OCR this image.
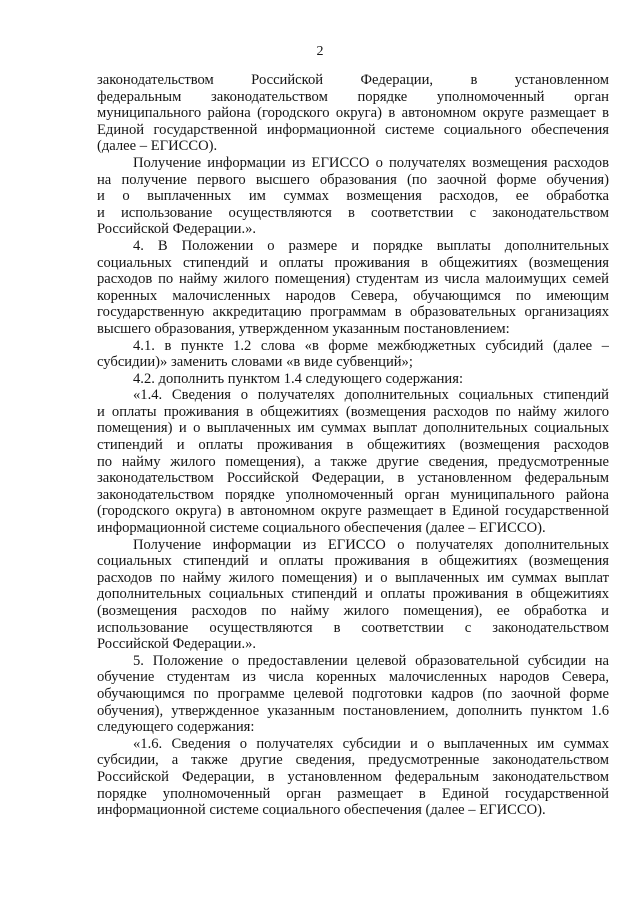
2
законодательством Российской Федерации, в установленном
федеральным законодательством порядке уполномоченный орган
муниципального района (городского округа) в автономном округе размещает в
Единой государственной информационной системе социального обеспечения
(далее – ЕГИССО).
Получение информации из ЕГИССО о получателях возмещения расходов
на получение первого высшего образования (по заочной форме обучения)
и о выплаченных им суммах возмещения расходов, ее обработка
и использование осуществляются в соответствии с законодательством
Российской Федерации.».
4. В Положении о размере и порядке выплаты дополнительных
социальных стипендий и оплаты проживания в общежитиях (возмещения
расходов по найму жилого помещения) студентам из числа малоимущих семей
коренных малочисленных народов Севера, обучающимся по имеющим
государственную аккредитацию программам в образовательных организациях
высшего образования, утвержденном указанным постановлением:
4.1. в пункте 1.2 слова «в форме межбюджетных субсидий (далее –
субсидии)» заменить словами «в виде субвенций»;
4.2. дополнить пунктом 1.4 следующего содержания:
«1.4. Сведения о получателях дополнительных социальных стипендий
и оплаты проживания в общежитиях (возмещения расходов по найму жилого
помещения) и о выплаченных им суммах выплат дополнительных социальных
стипендий и оплаты проживания в общежитиях (возмещения расходов
по найму жилого помещения), а также другие сведения, предусмотренные
законодательством Российской Федерации, в установленном федеральным
законодательством порядке уполномоченный орган муниципального района
(городского округа) в автономном округе размещает в Единой государственной
информационной системе социального обеспечения (далее – ЕГИССО).
Получение информации из ЕГИССО о получателях дополнительных
социальных стипендий и оплаты проживания в общежитиях (возмещения
расходов по найму жилого помещения) и о выплаченных им суммах выплат
дополнительных социальных стипендий и оплаты проживания в общежитиях
(возмещения расходов по найму жилого помещения), ее обработка и
использование осуществляются в соответствии с законодательством
Российской Федерации.».
5. Положение о предоставлении целевой образовательной субсидии на
обучение студентам из числа коренных малочисленных народов Севера,
обучающимся по программе целевой подготовки кадров (по заочной форме
обучения), утвержденное указанным постановлением, дополнить пунктом 1.6
следующего содержания:
«1.6. Сведения о получателях субсидии и о выплаченных им суммах
субсидии, а также другие сведения, предусмотренные законодательством
Российской Федерации, в установленном федеральным законодательством
порядке уполномоченный орган размещает в Единой государственной
информационной системе социального обеспечения (далее – ЕГИССО).
